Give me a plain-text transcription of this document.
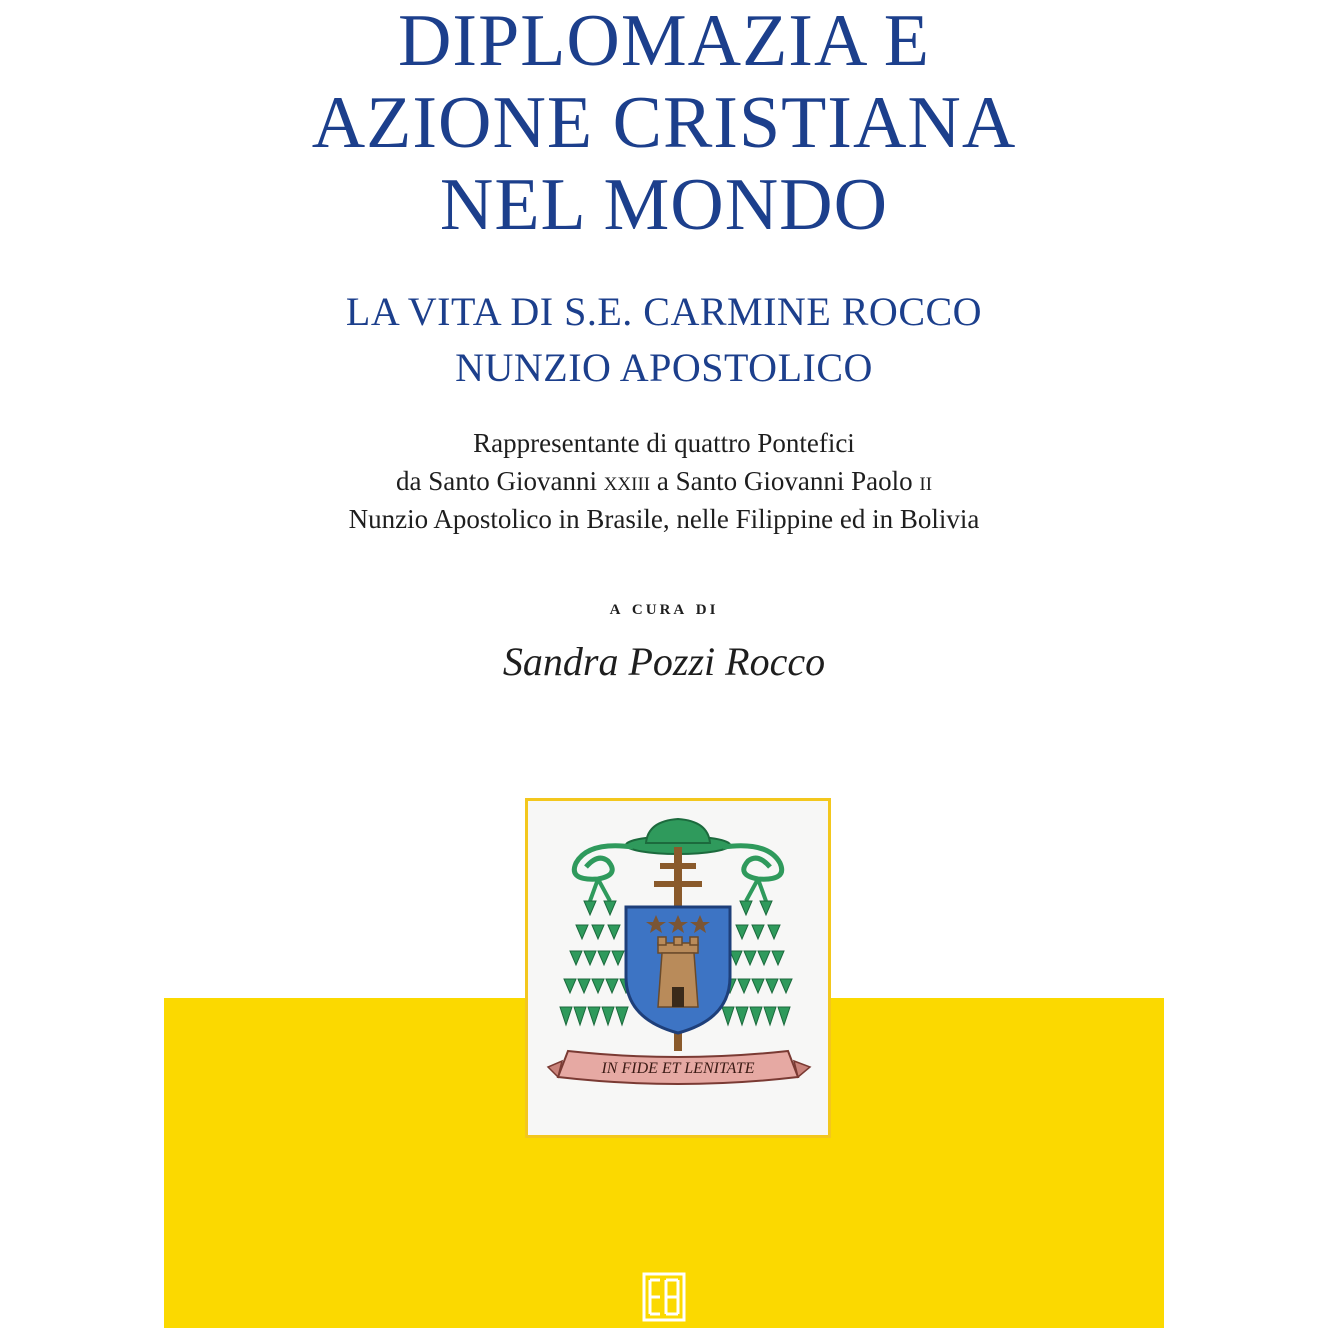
DIPLOMAZIA E
AZIONE CRISTIANA
NEL MONDO
LA VITA DI S.E. CARMINE ROCCO
NUNZIO APOSTOLICO
Rappresentante di quattro Pontefici
da Santo Giovanni xxiii a Santo Giovanni Paolo ii
Nunzio Apostolico in Brasile, nelle Filippine ed in Bolivia
a cura di
Sandra Pozzi Rocco
IN FIDE ET LENITATE
